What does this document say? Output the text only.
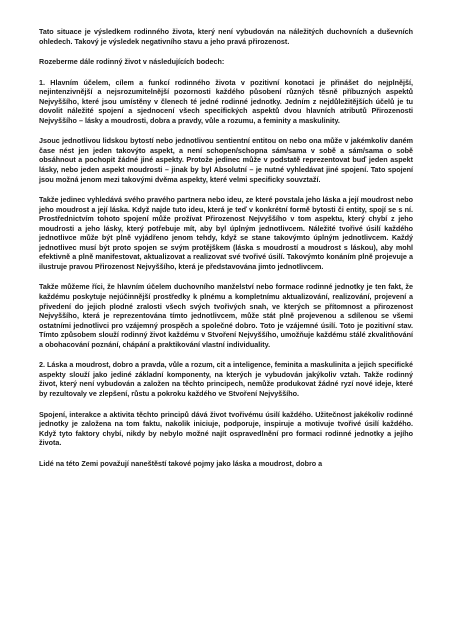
Tato situace je výsledkem rodinného života, který není vybudován na náležitých duchovních a duševních ohledech. Takový je výsledek negativního stavu a jeho pravá přirozenost.

Rozeberme dále rodinný život v následujících bodech:

1. Hlavním účelem, cílem a funkcí rodinného života v pozitivní konotaci je přinášet do nejplnější, nejintenzivnější a nejsrozumitelnější pozornosti každého působení různých těsně příbuzných aspektů Nejvyššího, které jsou umístěny v členech té jedné rodinné jednotky. Jedním z nejdůležitějších účelů je tu dovolit náležité spojení a sjednocení všech specifických aspektů dvou hlavních atributů Přirozenosti Nejvyššího – lásky a moudrosti, dobra a pravdy, vůle a rozumu, a feminity a maskulinity.

Jsouc jednotlivou lidskou bytostí nebo jednotlivou sentientní entitou on nebo ona může v jakémkoliv daném čase nést jen jeden takovýto aspekt, a není schopen/schopna sám/sama v sobě a sám/sama o sobě obsáhnout a pochopit žádné jiné aspekty. Protože jedinec může v podstatě reprezentovat buď jeden aspekt lásky, nebo jeden aspekt moudrosti – jinak by byl Absolutní – je nutné vyhledávat jiné spojení. Tato spojení jsou možná jenom mezi takovými dvěma aspekty, které velmi specificky souvztaží.

Takže jedinec vyhledává svého pravého partnera nebo ideu, ze které povstala jeho láska a její moudrost nebo jeho moudrost a její láska. Když najde tuto ideu, která je teď v konkrétní formě bytosti či entity, spojí se s ní. Prostřednictvím tohoto spojení může prožívat Přirozenost Nejvyššího v tom aspektu, který chybí z jeho moudrosti a jeho lásky, který potřebuje mít, aby byl úplným jednotlivcem. Náležité tvořivé úsilí každého jednotlivce může být plně vyjádřeno jenom tehdy, když se stane takovýmto úplným jednotlivcem. Každý jednotlivec musí být proto spojen se svým protějškem (láska s moudrostí a moudrost s láskou), aby mohl efektivně a plně manifestovat, aktualizovat a realizovat své tvořivé úsilí. Takovýmto konáním plně projevuje a ilustruje pravou Přirozenost Nejvyššího, která je představována jimto jednotlivcem.

Takže můžeme říci, že hlavním účelem duchovního manželství nebo formace rodinné jednotky je ten fakt, že každému poskytuje nejúčinnější prostředky k plnému a kompletnímu aktualizování, realizování, projevení a přivedení do jejich plodné zralosti všech svých tvořivých snah, ve kterých se přítomnost a přirozenost Nejvyššího, která je reprezentována tímto jednotlivcem, může stát plně projevenou a sdílenou se všemi ostatními jednotlivci pro vzájemný prospěch a společné dobro. Toto je vzájemné úsilí. Toto je pozitivní stav. Tímto způsobem slouží rodinný život každému v Stvoření Nejvyššího, umožňuje každému stálé zkvalitňování a obohacování poznání, chápání a praktikování vlastní individuality.

2. Láska a moudrost, dobro a pravda, vůle a rozum, cit a inteligence, feminita a maskulinita a jejich specifické aspekty slouží jako jediné základní komponenty, na kterých je vybudován jakýkoliv vztah. Takže rodinný život, který není vybudován a založen na těchto principech, nemůže produkovat žádné ryzí nové ideje, které by rezultovaly ve zlepšení, růstu a pokroku každého ve Stvoření Nejvyššího.

Spojení, interakce a aktivita těchto principů dává život tvořivému úsilí každého. Užitečnost jakékoliv rodinné jednotky je založena na tom faktu, nakolik iniciuje, podporuje, inspiruje a motivuje tvořivé úsilí každého. Když tyto faktory chybí, nikdy by nebylo možné najít ospravedlnění pro formaci rodinné jednotky a jejího života.

Lidé na této Zemi považují naneštěstí takové pojmy jako láska a moudrost, dobro a
